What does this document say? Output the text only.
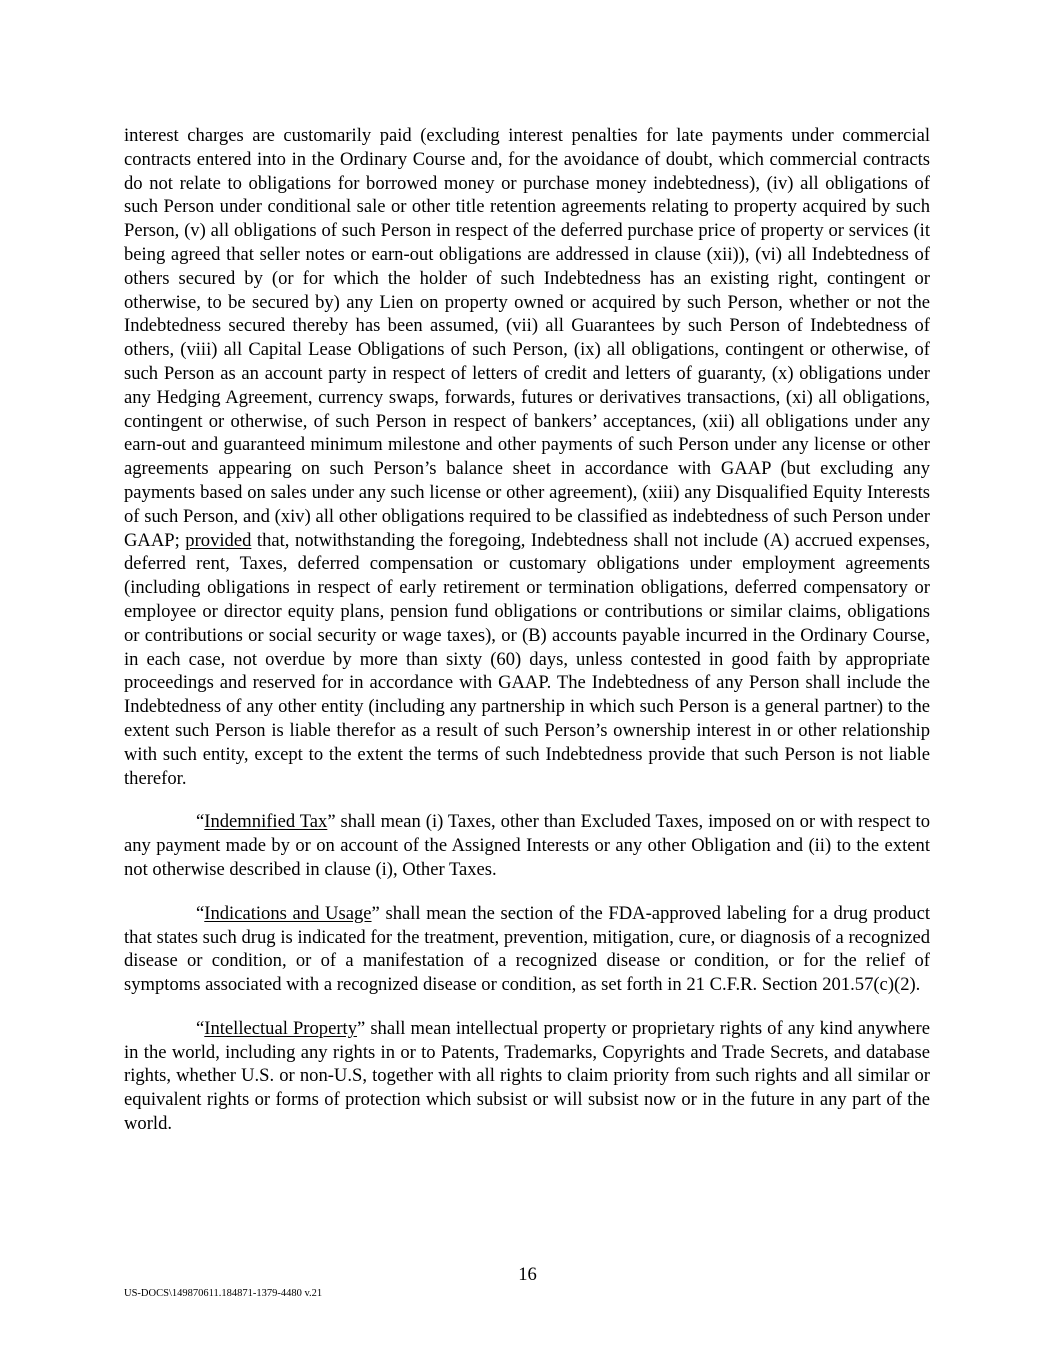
interest charges are customarily paid (excluding interest penalties for late payments under commercial contracts entered into in the Ordinary Course and, for the avoidance of doubt, which commercial contracts do not relate to obligations for borrowed money or purchase money indebtedness), (iv) all obligations of such Person under conditional sale or other title retention agreements relating to property acquired by such Person, (v) all obligations of such Person in respect of the deferred purchase price of property or services (it being agreed that seller notes or earn-out obligations are addressed in clause (xii)), (vi) all Indebtedness of others secured by (or for which the holder of such Indebtedness has an existing right, contingent or otherwise, to be secured by) any Lien on property owned or acquired by such Person, whether or not the Indebtedness secured thereby has been assumed, (vii) all Guarantees by such Person of Indebtedness of others, (viii) all Capital Lease Obligations of such Person, (ix) all obligations, contingent or otherwise, of such Person as an account party in respect of letters of credit and letters of guaranty, (x) obligations under any Hedging Agreement, currency swaps, forwards, futures or derivatives transactions, (xi) all obligations, contingent or otherwise, of such Person in respect of bankers’ acceptances, (xii) all obligations under any earn-out and guaranteed minimum milestone and other payments of such Person under any license or other agreements appearing on such Person’s balance sheet in accordance with GAAP (but excluding any payments based on sales under any such license or other agreement), (xiii) any Disqualified Equity Interests of such Person, and (xiv) all other obligations required to be classified as indebtedness of such Person under GAAP; provided that, notwithstanding the foregoing, Indebtedness shall not include (A) accrued expenses, deferred rent, Taxes, deferred compensation or customary obligations under employment agreements (including obligations in respect of early retirement or termination obligations, deferred compensatory or employee or director equity plans, pension fund obligations or contributions or similar claims, obligations or contributions or social security or wage taxes), or (B) accounts payable incurred in the Ordinary Course, in each case, not overdue by more than sixty (60) days, unless contested in good faith by appropriate proceedings and reserved for in accordance with GAAP. The Indebtedness of any Person shall include the Indebtedness of any other entity (including any partnership in which such Person is a general partner) to the extent such Person is liable therefor as a result of such Person’s ownership interest in or other relationship with such entity, except to the extent the terms of such Indebtedness provide that such Person is not liable therefor.

“Indemnified Tax” shall mean (i) Taxes, other than Excluded Taxes, imposed on or with respect to any payment made by or on account of the Assigned Interests or any other Obligation and (ii) to the extent not otherwise described in clause (i), Other Taxes.

“Indications and Usage” shall mean the section of the FDA-approved labeling for a drug product that states such drug is indicated for the treatment, prevention, mitigation, cure, or diagnosis of a recognized disease or condition, or of a manifestation of a recognized disease or condition, or for the relief of symptoms associated with a recognized disease or condition, as set forth in 21 C.F.R. Section 201.57(c)(2).

“Intellectual Property” shall mean intellectual property or proprietary rights of any kind anywhere in the world, including any rights in or to Patents, Trademarks, Copyrights and Trade Secrets, and database rights, whether U.S. or non-U.S, together with all rights to claim priority from such rights and all similar or equivalent rights or forms of protection which subsist or will subsist now or in the future in any part of the world.

16
US-DOCS\149870611.184871-1379-4480 v.21
